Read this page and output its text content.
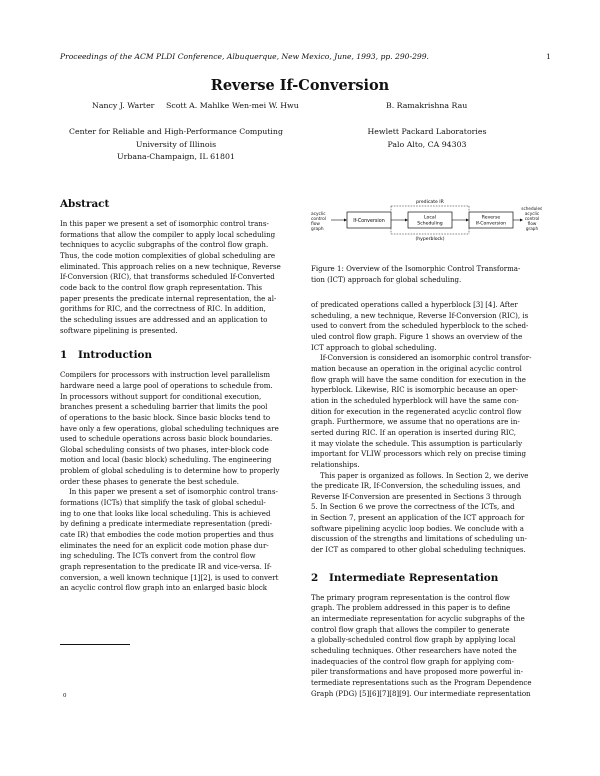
Proceedings of the ACM PLDI Conference, Albuquerque, New Mexico, June, 1993, pp. 290-299.	1
Reverse If-Conversion
Nancy J. Warter Scott A. Mahlke Wen-mei W. Hwu	B. Ramakrishna Rau
Center for Reliable and High-Performance Computing
University of Illinois
Urbana-Champaign, IL 61801
Hewlett Packard Laboratories
Palo Alto, CA 94303
Abstract

In this paper we present a set of isomorphic control trans-
formations that allow the compiler to apply local scheduling
techniques to acyclic subgraphs of the control flow graph.
Thus, the code motion complexities of global scheduling are
eliminated. This approach relies on a new technique, Reverse
If-Conversion (RIC), that transforms scheduled If-Converted
code back to the control flow graph representation. This
paper presents the predicate internal representation, the al-
gorithms for RIC, and the correctness of RIC. In addition,
the scheduling issues are addressed and an application to
software pipelining is presented.

1 Introduction

Compilers for processors with instruction level parallelism
hardware need a large pool of operations to schedule from.
In processors without support for conditional execution,
branches present a scheduling barrier that limits the pool
of operations to the basic block. Since basic blocks tend to
have only a few operations, global scheduling techniques are
used to schedule operations across basic block boundaries.
Global scheduling consists of two phases, inter-block code
motion and local (basic block) scheduling. The engineering
problem of global scheduling is to determine how to properly
order these phases to generate the best schedule.

In this paper we present a set of isomorphic control trans-
formations (ICTs) that simplify the task of global schedul-
ing to one that looks like local scheduling. This is achieved
by defining a predicate intermediate representation (predi-
cate IR) that embodies the code motion properties and thus
eliminates the need for an explicit code motion phase dur-
ing scheduling. The ICTs convert from the control flow
graph representation to the predicate IR and vice-versa. If-
conversion, a well known technique [1][2], is used to convert
an acyclic control flow graph into an enlarged basic block

acyclic
control
flow
graph
If-Conversion
Local
Scheduling
Reverse
If-Conversion
scheduled
acyclic
control
flow
graph
predicate IR
(hyperblock)
Figure 1: Overview of the Isomorphic Control Transforma-
tion (ICT) approach for global scheduling.

of predicated operations called a hyperblock [3] [4]. After
scheduling, a new technique, Reverse If-Conversion (RIC), is
used to convert from the scheduled hyperblock to the sched-
uled control flow graph. Figure 1 shows an overview of the
ICT approach to global scheduling.

If-Conversion is considered an isomorphic control transfor-
mation because an operation in the original acyclic control
flow graph will have the same condition for execution in the
hyperblock. Likewise, RIC is isomorphic because an oper-
ation in the scheduled hyperblock will have the same con-
dition for execution in the regenerated acyclic control flow
graph. Furthermore, we assume that no operations are in-
serted during RIC. If an operation is inserted during RIC,
it may violate the schedule. This assumption is particularly
important for VLIW processors which rely on precise timing
relationships.

This paper is organized as follows. In Section 2, we derive
the predicate IR, If-Conversion, the scheduling issues, and
Reverse If-Conversion are presented in Sections 3 through
5. In Section 6 we prove the correctness of the ICTs, and
in Section 7, present an application of the ICT approach for
software pipelining acyclic loop bodies. We conclude with a
discussion of the strengths and limitations of scheduling un-
der ICT as compared to other global scheduling techniques.

2 Intermediate Representation

The primary program representation is the control flow
graph. The problem addressed in this paper is to define
an intermediate representation for acyclic subgraphs of the
control flow graph that allows the compiler to generate
a globally-scheduled control flow graph by applying local
scheduling techniques. Other researchers have noted the
inadequacies of the control flow graph for applying com-
piler transformations and have proposed more powerful in-
termediate representations such as the Program Dependence
Graph (PDG) [5][6][7][8][9]. Our intermediate representation

0
